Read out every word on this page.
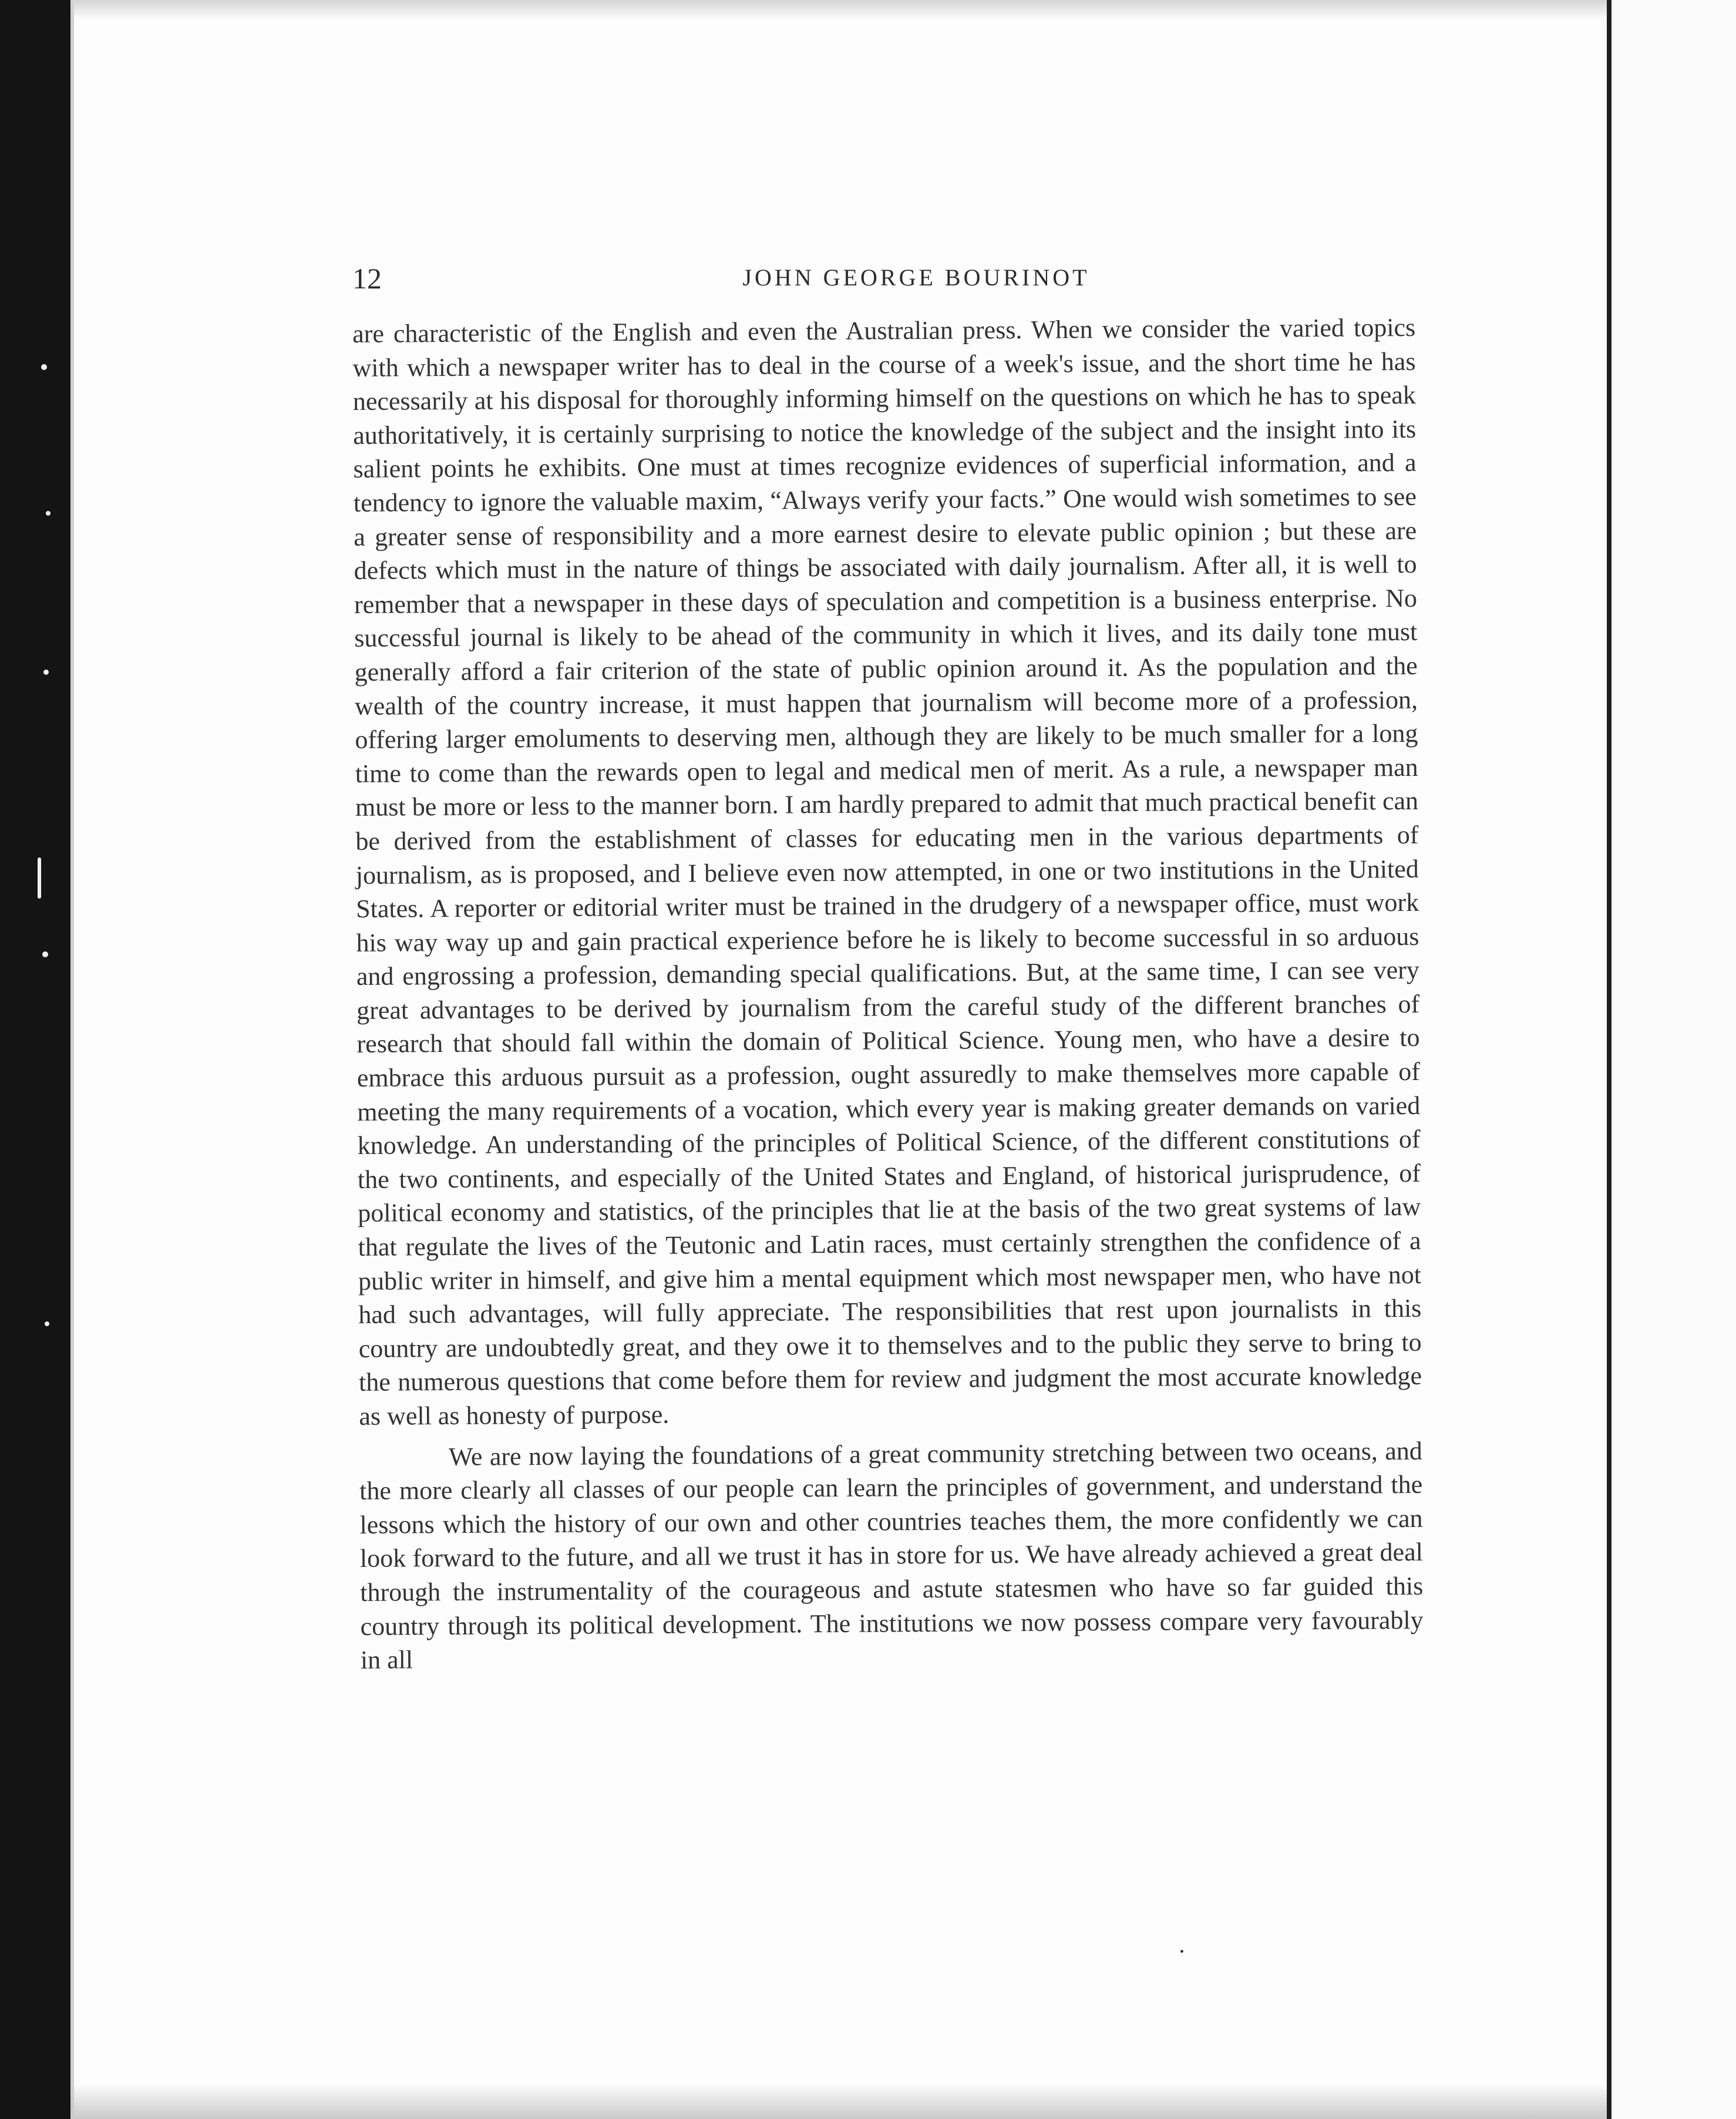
12	JOHN GEORGE BOURINOT

are characteristic of the English and even the Australian press. When we consider the varied topics with which a newspaper writer has to deal in the course of a week's issue, and the short time he has necessarily at his disposal for thoroughly informing himself on the questions on which he has to speak authoritatively, it is certainly surprising to notice the knowledge of the subject and the insight into its salient points he exhibits. One must at times recognize evidences of superficial information, and a tendency to ignore the valuable maxim, “Always verify your facts.” One would wish sometimes to see a greater sense of responsibility and a more earnest desire to elevate public opinion ; but these are defects which must in the nature of things be associated with daily journalism. After all, it is well to remember that a newspaper in these days of speculation and competition is a business enterprise. No successful journal is likely to be ahead of the community in which it lives, and its daily tone must generally afford a fair criterion of the state of public opinion around it. As the population and the wealth of the country increase, it must happen that journalism will become more of a profession, offering larger emoluments to deserving men, although they are likely to be much smaller for a long time to come than the rewards open to legal and medical men of merit. As a rule, a newspaper man must be more or less to the manner born. I am hardly prepared to admit that much practical benefit can be derived from the establishment of classes for educating men in the various departments of journalism, as is proposed, and I believe even now attempted, in one or two institutions in the United States. A reporter or editorial writer must be trained in the drudgery of a newspaper office, must work his way way up and gain practical experience before he is likely to become successful in so arduous and engrossing a profession, demanding special qualifications. But, at the same time, I can see very great advantages to be derived by journalism from the careful study of the different branches of research that should fall within the domain of Political Science. Young men, who have a desire to embrace this arduous pursuit as a profession, ought assuredly to make themselves more capable of meeting the many requirements of a vocation, which every year is making greater demands on varied knowledge. An understanding of the principles of Political Science, of the different constitutions of the two continents, and especially of the United States and England, of historical jurisprudence, of political economy and statistics, of the principles that lie at the basis of the two great systems of law that regulate the lives of the Teutonic and Latin races, must certainly strengthen the confidence of a public writer in himself, and give him a mental equipment which most newspaper men, who have not had such advantages, will fully appreciate. The responsibilities that rest upon journalists in this country are undoubtedly great, and they owe it to themselves and to the public they serve to bring to the numerous questions that come before them for review and judgment the most accurate knowledge as well as honesty of purpose.

We are now laying the foundations of a great community stretching between two oceans, and the more clearly all classes of our people can learn the principles of government, and understand the lessons which the history of our own and other countries teaches them, the more confidently we can look forward to the future, and all we trust it has in store for us. We have already achieved a great deal through the instrumentality of the courageous and astute statesmen who have so far guided this country through its political development. The institutions we now possess compare very favourably in all
